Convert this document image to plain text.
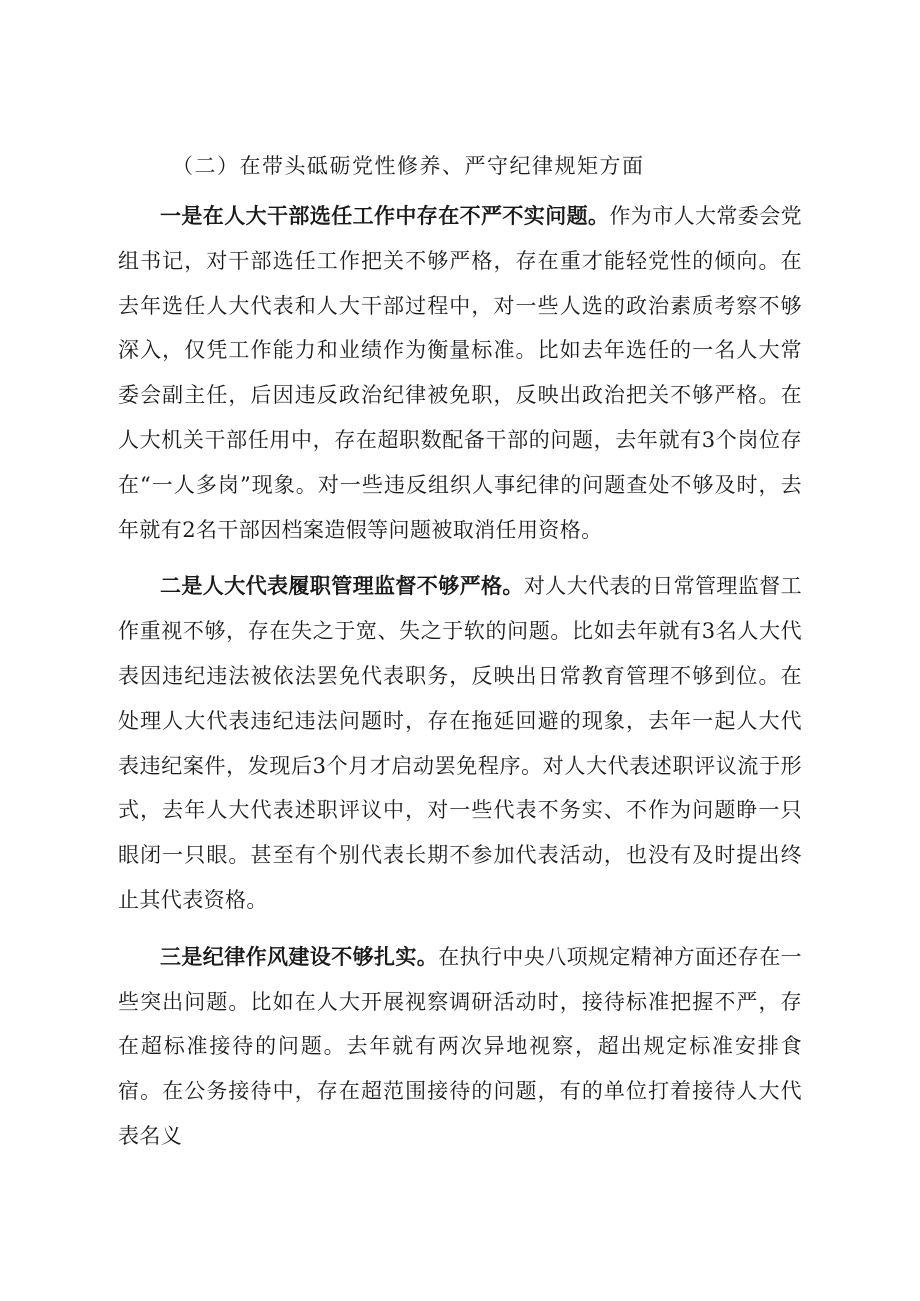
（二）在带头砥砺党性修养、严守纪律规矩方面

一是在人大干部选任工作中存在不严不实问题。作为市人大常委会党组书记，对干部选任工作把关不够严格，存在重才能轻党性的倾向。在去年选任人大代表和人大干部过程中，对一些人选的政治素质考察不够深入，仅凭工作能力和业绩作为衡量标准。比如去年选任的一名人大常委会副主任，后因违反政治纪律被免职，反映出政治把关不够严格。在人大机关干部任用中，存在超职数配备干部的问题，去年就有3个岗位存在“一人多岗”现象。对一些违反组织人事纪律的问题查处不够及时，去年就有2名干部因档案造假等问题被取消任用资格。

二是人大代表履职管理监督不够严格。对人大代表的日常管理监督工作重视不够，存在失之于宽、失之于软的问题。比如去年就有3名人大代表因违纪违法被依法罢免代表职务，反映出日常教育管理不够到位。在处理人大代表违纪违法问题时，存在拖延回避的现象，去年一起人大代表违纪案件，发现后3个月才启动罢免程序。对人大代表述职评议流于形式，去年人大代表述职评议中，对一些代表不务实、不作为问题睁一只眼闭一只眼。甚至有个别代表长期不参加代表活动，也没有及时提出终止其代表资格。

三是纪律作风建设不够扎实。在执行中央八项规定精神方面还存在一些突出问题。比如在人大开展视察调研活动时，接待标准把握不严，存在超标准接待的问题。去年就有两次异地视察，超出规定标准安排食宿。在公务接待中，存在超范围接待的问题，有的单位打着接待人大代表名义
